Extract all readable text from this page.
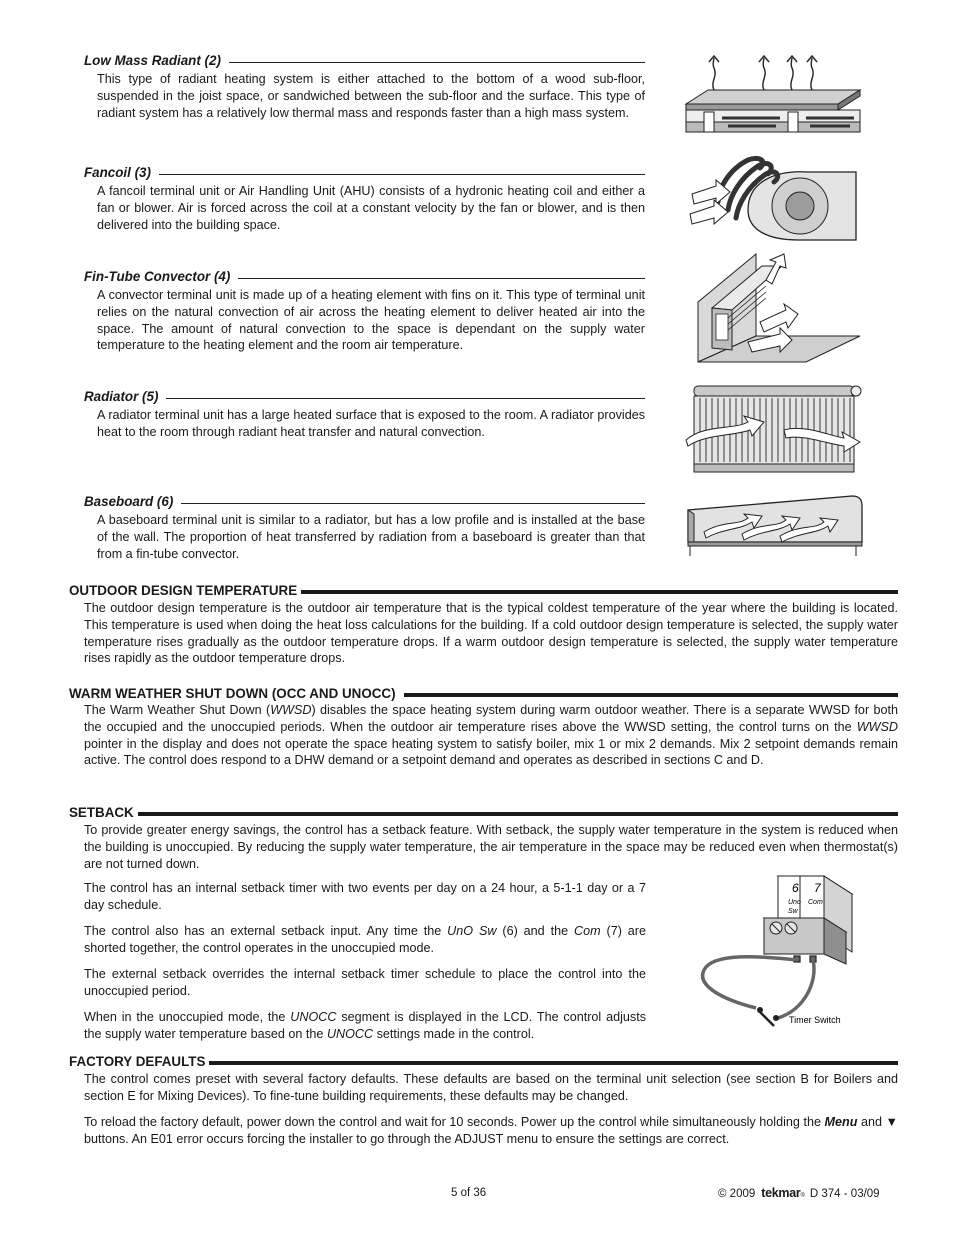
Low Mass Radiant (2)

This type of radiant heating system is either attached to the bottom of a wood sub-floor, suspended in the joist space, or sandwiched between the sub-floor and the surface. This type of radiant system has a relatively low thermal mass and responds faster than a high mass system.

Fancoil (3)

A fancoil terminal unit or Air Handling Unit (AHU) consists of a hydronic heating coil and either a fan or blower. Air is forced across the coil at a constant velocity by the fan or blower, and is then delivered into the building space.

Fin-Tube Convector (4)

A convector terminal unit is made up of a heating element with fins on it. This type of terminal unit relies on the natural convection of air across the heating element to deliver heated air into the space. The amount of natural convection to the space is dependant on the supply water temperature to the heating element and the room air temperature.

Radiator (5)

A radiator terminal unit has a large heated surface that is exposed to the room. A radiator provides heat to the room through radiant heat transfer and natural convection.

Baseboard (6)

A baseboard terminal unit is similar to a radiator, but has a low profile and is installed at the base of the wall. The proportion of heat transferred by radiation from a baseboard is greater than that from a fin-tube convector.

OUTDOOR DESIGN TEMPERATURE

The outdoor design temperature is the outdoor air temperature that is the typical coldest temperature of the year where the building is located. This temperature is used when doing the heat loss calculations for the building. If a cold outdoor design temperature is selected, the supply water temperature rises gradually as the outdoor temperature drops. If a warm outdoor design temperature is selected, the supply water temperature rises rapidly as the outdoor temperature drops.

WARM WEATHER SHUT DOWN (OCC AND UNOCC)

The Warm Weather Shut Down (WWSD) disables the space heating system during warm outdoor weather. There is a separate WWSD for both the occupied and the unoccupied periods. When the outdoor air temperature rises above the WWSD setting, the control turns on the WWSD pointer in the display and does not operate the space heating system to satisfy boiler, mix 1 or mix 2 demands. Mix 2 setpoint demands remain active. The control does respond to a DHW demand or a setpoint demand and operates as described in sections C and D.

SETBACK

To provide greater energy savings, the control has a setback feature. With setback, the supply water temperature in the system is reduced when the building is unoccupied. By reducing the supply water temperature, the air temperature in the space may be reduced even when thermostat(s) are not turned down.

The control has an internal setback timer with two events per day on a 24 hour, a 5-1-1 day or a 7 day schedule.

The control also has an external setback input. Any time the UnO Sw (6) and the Com (7) are shorted together, the control operates in the unoccupied mode.

The external setback overrides the internal setback timer schedule to place the control into the unoccupied period.

When in the unoccupied mode, the UNOCC segment is displayed in the LCD. The control adjusts the supply water temperature based on the UNOCC settings made in the control.

6 7
Uno
Sw
Com
Timer Switch
FACTORY DEFAULTS

The control comes preset with several factory defaults. These defaults are based on the terminal unit selection (see section B for Boilers and section E for Mixing Devices). To fine-tune building requirements, these defaults may be changed.

To reload the factory default, power down the control and wait for 10 seconds. Power up the control while simultaneously holding the Menu and ▼ buttons. An E01 error occurs forcing the installer to go through the ADJUST menu to ensure the settings are correct.

5 of 36	© 2009 tekmar$_®$ D 374 - 03/09
